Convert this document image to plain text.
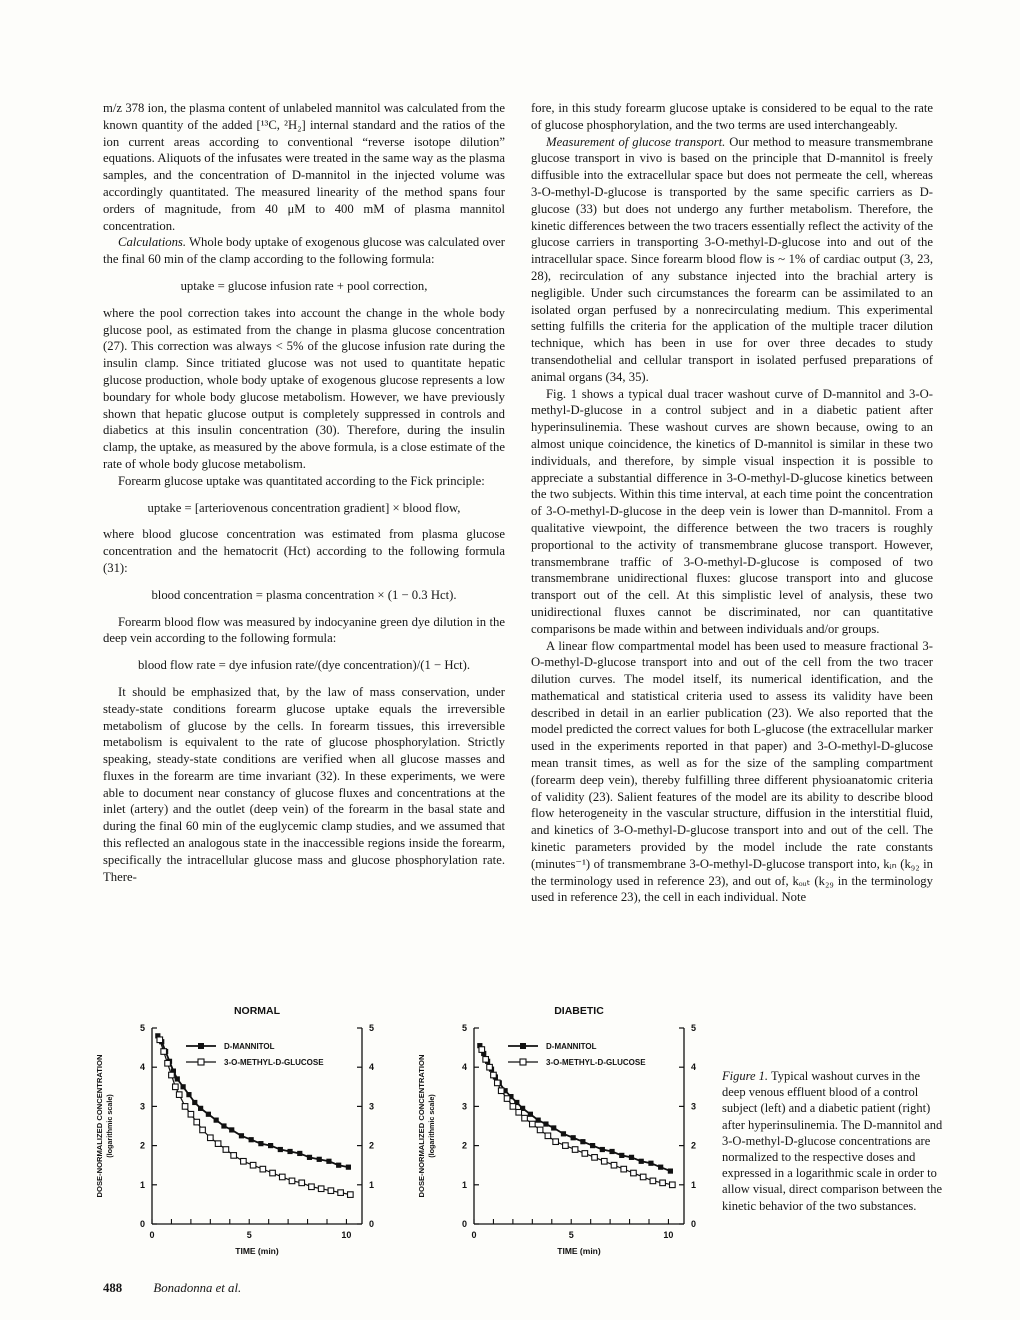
m/z 378 ion, the plasma content of unlabeled mannitol was calculated from the known quantity of the added [¹³C, ²H₂] internal standard and the ratios of the ion current areas according to conventional “reverse isotope dilution” equations. Aliquots of the infusates were treated in the same way as the plasma samples, and the concentration of D-mannitol in the injected volume was accordingly quantitated. The measured linearity of the method spans four orders of magnitude, from 40 μM to 400 mM of plasma mannitol concentration.

Calculations. Whole body uptake of exogenous glucose was calculated over the final 60 min of the clamp according to the following formula:

uptake = glucose infusion rate + pool correction,

where the pool correction takes into account the change in the whole body glucose pool, as estimated from the change in plasma glucose concentration (27). This correction was always < 5% of the glucose infusion rate during the insulin clamp. Since tritiated glucose was not used to quantitate hepatic glucose production, whole body uptake of exogenous glucose represents a low boundary for whole body glucose metabolism. However, we have previously shown that hepatic glucose output is completely suppressed in controls and diabetics at this insulin concentration (30). Therefore, during the insulin clamp, the uptake, as measured by the above formula, is a close estimate of the rate of whole body glucose metabolism.

Forearm glucose uptake was quantitated according to the Fick principle:

uptake = [arteriovenous concentration gradient] × blood flow,

where blood glucose concentration was estimated from plasma glucose concentration and the hematocrit (Hct) according to the following formula (31):

blood concentration = plasma concentration × (1 − 0.3 Hct).

Forearm blood flow was measured by indocyanine green dye dilution in the deep vein according to the following formula:

blood flow rate = dye infusion rate/(dye concentration)/(1 − Hct).

It should be emphasized that, by the law of mass conservation, under steady-state conditions forearm glucose uptake equals the irreversible metabolism of glucose by the cells. In forearm tissues, this irreversible metabolism is equivalent to the rate of glucose phosphorylation. Strictly speaking, steady-state conditions are verified when all glucose masses and fluxes in the forearm are time invariant (32). In these experiments, we were able to document near constancy of glucose fluxes and concentrations at the inlet (artery) and the outlet (deep vein) of the forearm in the basal state and during the final 60 min of the euglycemic clamp studies, and we assumed that this reflected an analogous state in the inaccessible regions inside the forearm, specifically the intracellular glucose mass and glucose phosphorylation rate. There-

fore, in this study forearm glucose uptake is considered to be equal to the rate of glucose phosphorylation, and the two terms are used interchangeably.

Measurement of glucose transport. Our method to measure transmembrane glucose transport in vivo is based on the principle that D-mannitol is freely diffusible into the extracellular space but does not permeate the cell, whereas 3-O-methyl-D-glucose is transported by the same specific carriers as D-glucose (33) but does not undergo any further metabolism. Therefore, the kinetic differences between the two tracers essentially reflect the activity of the glucose carriers in transporting 3-O-methyl-D-glucose into and out of the intracellular space. Since forearm blood flow is ~ 1% of cardiac output (3, 23, 28), recirculation of any substance injected into the brachial artery is negligible. Under such circumstances the forearm can be assimilated to an isolated organ perfused by a nonrecirculating medium. This experimental setting fulfills the criteria for the application of the multiple tracer dilution technique, which has been in use for over three decades to study transendothelial and cellular transport in isolated perfused preparations of animal organs (34, 35).

Fig. 1 shows a typical dual tracer washout curve of D-mannitol and 3-O-methyl-D-glucose in a control subject and in a diabetic patient after hyperinsulinemia. These washout curves are shown because, owing to an almost unique coincidence, the kinetics of D-mannitol is similar in these two individuals, and therefore, by simple visual inspection it is possible to appreciate a substantial difference in 3-O-methyl-D-glucose kinetics between the two subjects. Within this time interval, at each time point the concentration of 3-O-methyl-D-glucose in the deep vein is lower than D-mannitol. From a qualitative viewpoint, the difference between the two tracers is roughly proportional to the activity of transmembrane glucose transport. However, transmembrane traffic of 3-O-methyl-D-glucose is composed of two transmembrane unidirectional fluxes: glucose transport into and glucose transport out of the cell. At this simplistic level of analysis, these two unidirectional fluxes cannot be discriminated, nor can quantitative comparisons be made within and between individuals and/or groups.

A linear flow compartmental model has been used to measure fractional 3-O-methyl-D-glucose transport into and out of the cell from the two tracer dilution curves. The model itself, its numerical identification, and the mathematical and statistical criteria used to assess its validity have been described in detail in an earlier publication (23). We also reported that the model predicted the correct values for both L-glucose (the extracellular marker used in the experiments reported in that paper) and 3-O-methyl-D-glucose mean transit times, as well as for the size of the sampling compartment (forearm deep vein), thereby fulfilling three different physioanatomic criteria of validity (23). Salient features of the model are its ability to describe blood flow heterogeneity in the vascular structure, diffusion in the interstitial fluid, and kinetics of 3-O-methyl-D-glucose transport into and out of the cell. The kinetic parameters provided by the model include the rate constants (minutes⁻¹) of transmembrane 3-O-methyl-D-glucose transport into, kᵢₙ (k₉₂ in the terminology used in reference 23), and out of, kₒᵤₜ (k₂₉ in the terminology used in reference 23), the cell in each individual. Note

NORMAL
0	0
1	1
2	2
3	3
4	4
5	5
0	5	10
TIME (min)
DOSE-NORMALIZED CONCENTRATION (logarithmic scale)
D-MANNITOL
3-O-METHYL-D-GLUCOSE
DIABETIC
0	0
1	1
2	2
3	3
4	4
5	5
0	5	10
TIME (min)
DOSE-NORMALIZED CONCENTRATION (logarithmic scale)
D-MANNITOL
3-O-METHYL-D-GLUCOSE
Figure 1. Typical washout curves in the deep venous effluent blood of a control subject (left) and a diabetic patient (right) after hyperinsulinemia. The D-mannitol and 3-O-methyl-D-glucose concentrations are normalized to the respective doses and expressed in a logarithmic scale in order to allow visual, direct comparison between the kinetic behavior of the two substances.
488 Bonadonna et al.
